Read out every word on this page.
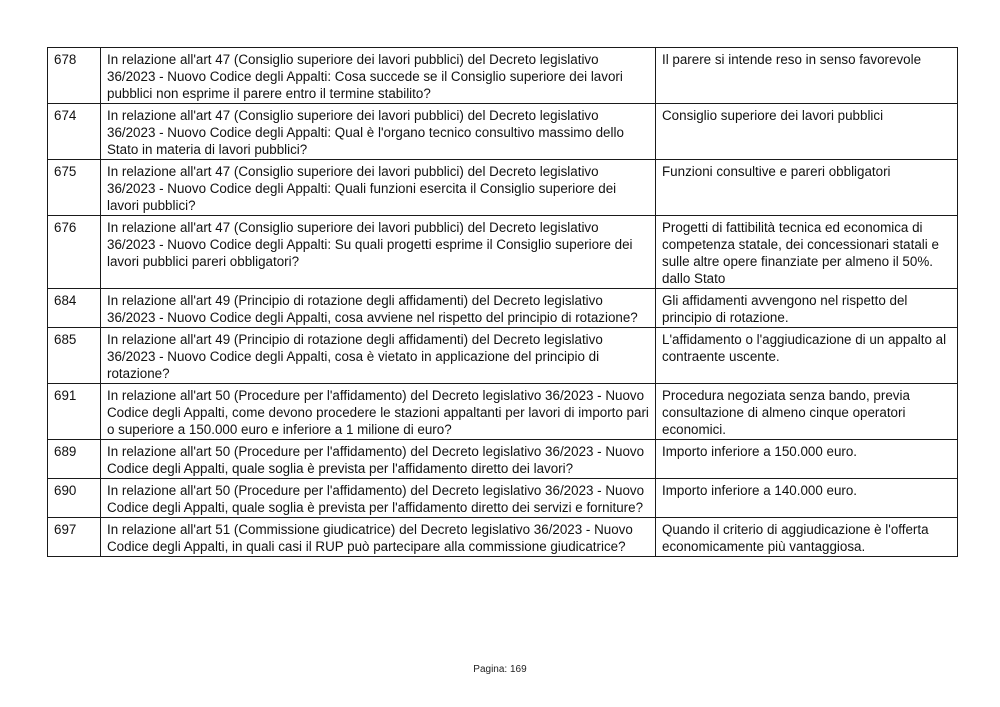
678	In relazione all'art 47 (Consiglio superiore dei lavori pubblici) del Decreto legislativo 36/2023 - Nuovo Codice degli Appalti: Cosa succede se il Consiglio superiore dei lavori pubblici non esprime il parere entro il termine stabilito?	Il parere si intende reso in senso favorevole
674	In relazione all'art 47 (Consiglio superiore dei lavori pubblici) del Decreto legislativo 36/2023 - Nuovo Codice degli Appalti: Qual è l'organo tecnico consultivo massimo dello Stato in materia di lavori pubblici?	Consiglio superiore dei lavori pubblici
675	In relazione all'art 47 (Consiglio superiore dei lavori pubblici) del Decreto legislativo 36/2023 - Nuovo Codice degli Appalti: Quali funzioni esercita il Consiglio superiore dei lavori pubblici?	Funzioni consultive e pareri obbligatori
676	In relazione all'art 47 (Consiglio superiore dei lavori pubblici) del Decreto legislativo 36/2023 - Nuovo Codice degli Appalti: Su quali progetti esprime il Consiglio superiore dei lavori pubblici pareri obbligatori?	Progetti di fattibilità tecnica ed economica di competenza statale, dei concessionari statali e sulle altre opere finanziate per almeno il 50%. dallo Stato
684	In relazione all'art 49 (Principio di rotazione degli affidamenti) del Decreto legislativo 36/2023 - Nuovo Codice degli Appalti, cosa avviene nel rispetto del principio di rotazione?	Gli affidamenti avvengono nel rispetto del principio di rotazione.
685	In relazione all'art 49 (Principio di rotazione degli affidamenti) del Decreto legislativo 36/2023 - Nuovo Codice degli Appalti, cosa è vietato in applicazione del principio di rotazione?	L'affidamento o l'aggiudicazione di un appalto al contraente uscente.
691	In relazione all'art 50 (Procedure per l'affidamento) del Decreto legislativo 36/2023 - Nuovo Codice degli Appalti, come devono procedere le stazioni appaltanti per lavori di importo pari o superiore a 150.000 euro e inferiore a 1 milione di euro?	Procedura negoziata senza bando, previa consultazione di almeno cinque operatori economici.
689	In relazione all'art 50 (Procedure per l'affidamento) del Decreto legislativo 36/2023 - Nuovo Codice degli Appalti, quale soglia è prevista per l'affidamento diretto dei lavori?	Importo inferiore a 150.000 euro.
690	In relazione all'art 50 (Procedure per l'affidamento) del Decreto legislativo 36/2023 - Nuovo Codice degli Appalti, quale soglia è prevista per l'affidamento diretto dei servizi e forniture?	Importo inferiore a 140.000 euro.
697	In relazione all'art 51 (Commissione giudicatrice) del Decreto legislativo 36/2023 - Nuovo Codice degli Appalti, in quali casi il RUP può partecipare alla commissione giudicatrice?	Quando il criterio di aggiudicazione è l'offerta economicamente più vantaggiosa.
Pagina: 169
